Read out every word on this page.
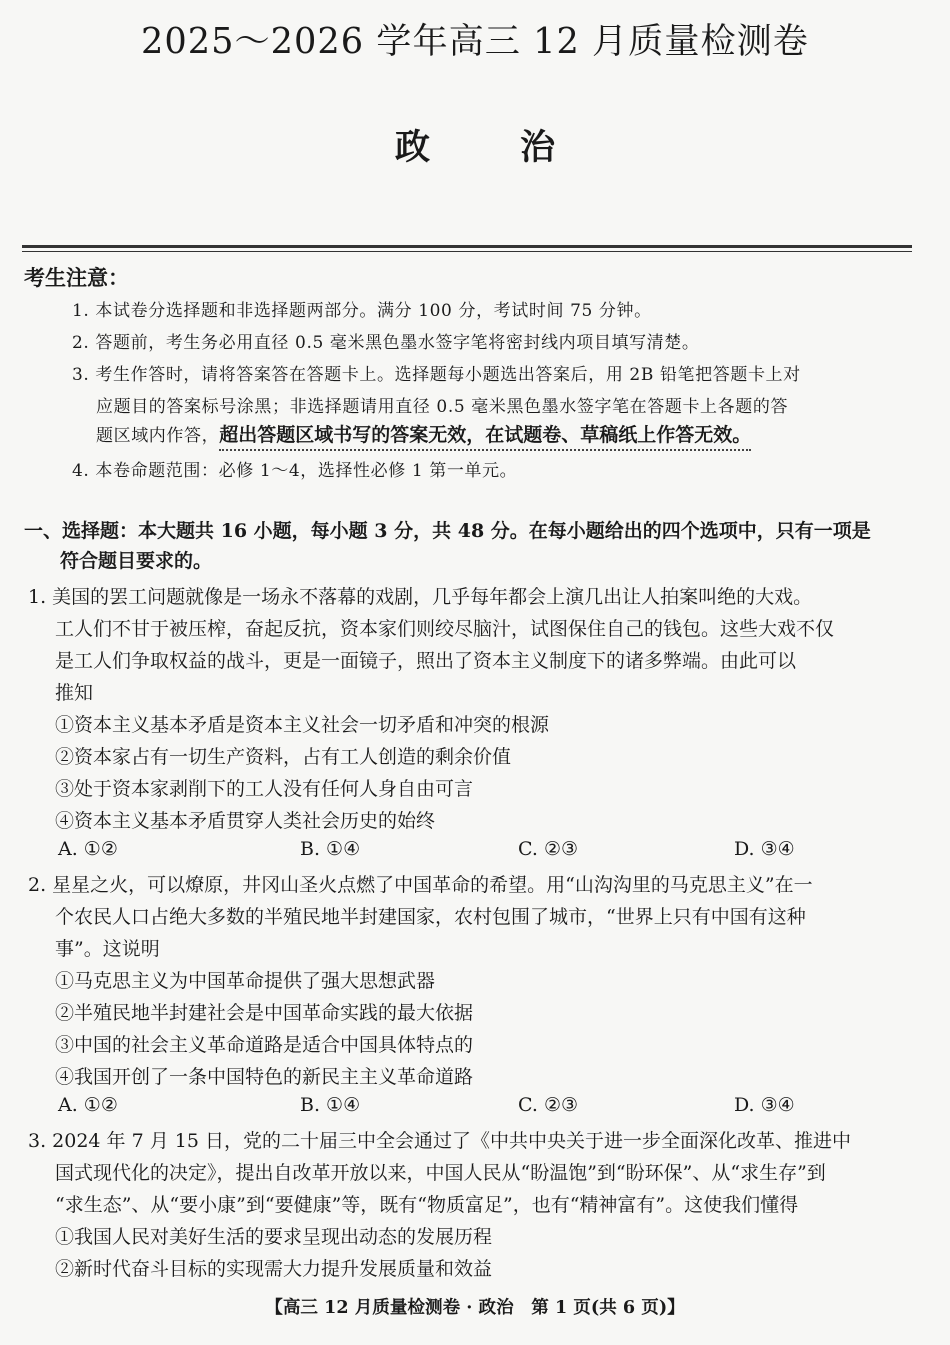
2025～2026 学年高三 12 月质量检测卷
政治
考生注意：
1. 本试卷分选择题和非选择题两部分。满分 100 分，考试时间 75 分钟。
2. 答题前，考生务必用直径 0.5 毫米黑色墨水签字笔将密封线内项目填写清楚。
3. 考生作答时，请将答案答在答题卡上。选择题每小题选出答案后，用 2B 铅笔把答题卡上对
应题目的答案标号涂黑；非选择题请用直径 0.5 毫米黑色墨水签字笔在答题卡上各题的答
题区域内作答，超出答题区域书写的答案无效，在试题卷、草稿纸上作答无效。
4. 本卷命题范围：必修 1～4，选择性必修 1 第一单元。
一、选择题：本大题共 16 小题，每小题 3 分，共 48 分。在每小题给出的四个选项中，只有一项是
符合题目要求的。
1. 美国的罢工问题就像是一场永不落幕的戏剧，几乎每年都会上演几出让人拍案叫绝的大戏。
工人们不甘于被压榨，奋起反抗，资本家们则绞尽脑汁，试图保住自己的钱包。这些大戏不仅
是工人们争取权益的战斗，更是一面镜子，照出了资本主义制度下的诸多弊端。由此可以
推知
①资本主义基本矛盾是资本主义社会一切矛盾和冲突的根源
②资本家占有一切生产资料，占有工人创造的剩余价值
③处于资本家剥削下的工人没有任何人身自由可言
④资本主义基本矛盾贯穿人类社会历史的始终
A. ①②	B. ①④	C. ②③	D. ③④
2. 星星之火，可以燎原，井冈山圣火点燃了中国革命的希望。用“山沟沟里的马克思主义”在一
个农民人口占绝大多数的半殖民地半封建国家，农村包围了城市，“世界上只有中国有这种
事”。这说明
①马克思主义为中国革命提供了强大思想武器
②半殖民地半封建社会是中国革命实践的最大依据
③中国的社会主义革命道路是适合中国具体特点的
④我国开创了一条中国特色的新民主主义革命道路
A. ①②	B. ①④	C. ②③	D. ③④
3. 2024 年 7 月 15 日，党的二十届三中全会通过了《中共中央关于进一步全面深化改革、推进中
国式现代化的决定》，提出自改革开放以来，中国人民从“盼温饱”到“盼环保”、从“求生存”到
“求生态”、从“要小康”到“要健康”等，既有“物质富足”，也有“精神富有”。这使我们懂得
①我国人民对美好生活的要求呈现出动态的发展历程
②新时代奋斗目标的实现需大力提升发展质量和效益
【高三 12 月质量检测卷 · 政治　第 1 页(共 6 页)】
